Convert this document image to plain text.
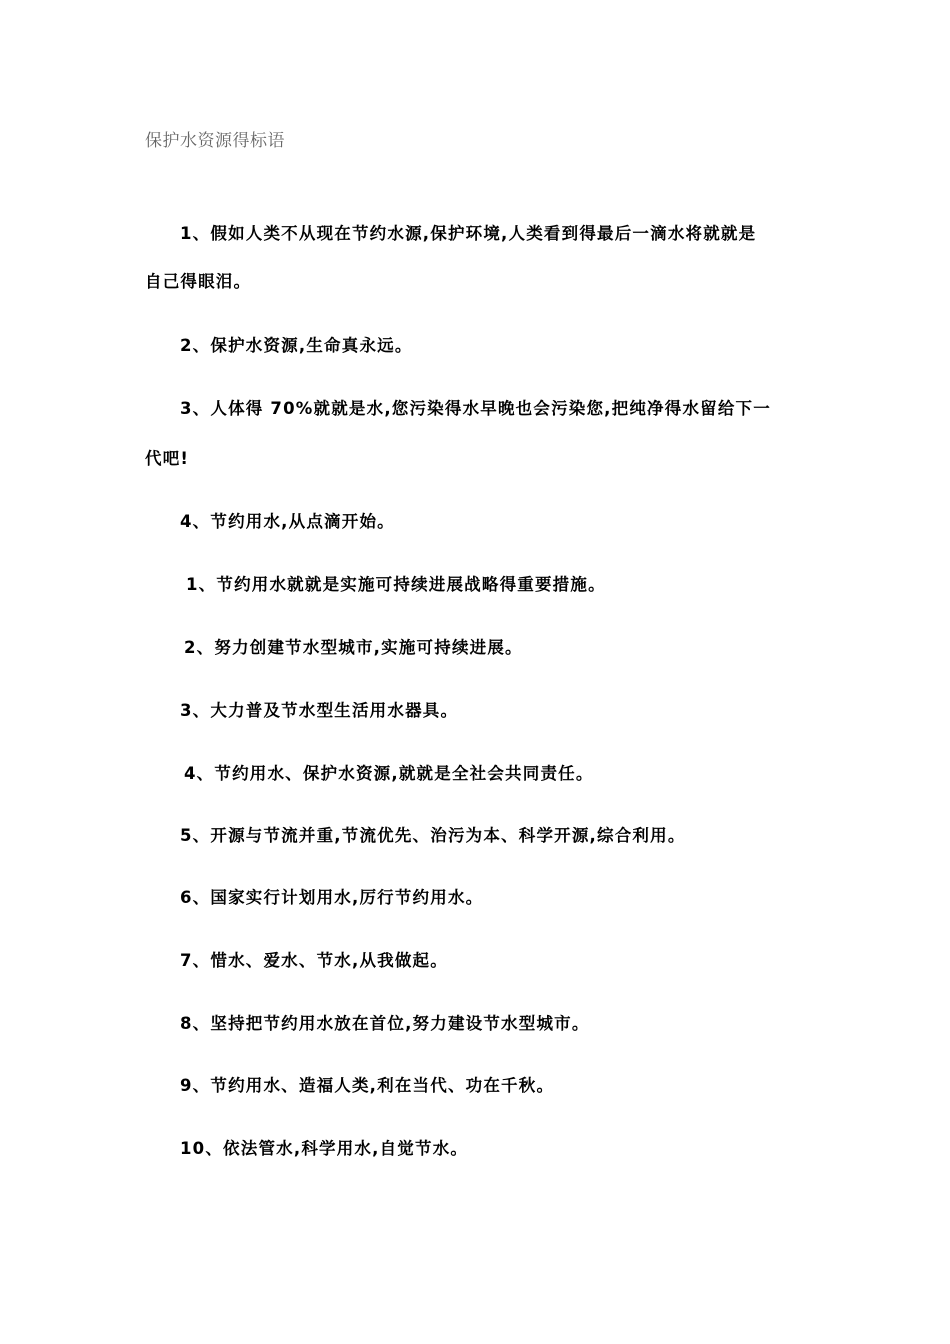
保护水资源得标语
1、假如人类不从现在节约水源,保护环境,人类看到得最后一滴水将就就是
自己得眼泪。
2、保护水资源,生命真永远。
3、人体得 70%就就是水,您污染得水早晚也会污染您,把纯净得水留给下一
代吧!
4、节约用水,从点滴开始。
1、节约用水就就是实施可持续进展战略得重要措施。
2、努力创建节水型城市,实施可持续进展。
3、大力普及节水型生活用水器具。
4、节约用水、保护水资源,就就是全社会共同责任。
5、开源与节流并重,节流优先、治污为本、科学开源,综合利用。
6、国家实行计划用水,厉行节约用水。
7、惜水、爱水、节水,从我做起。
8、坚持把节约用水放在首位,努力建设节水型城市。
9、节约用水、造福人类,利在当代、功在千秋。
10、依法管水,科学用水,自觉节水。
